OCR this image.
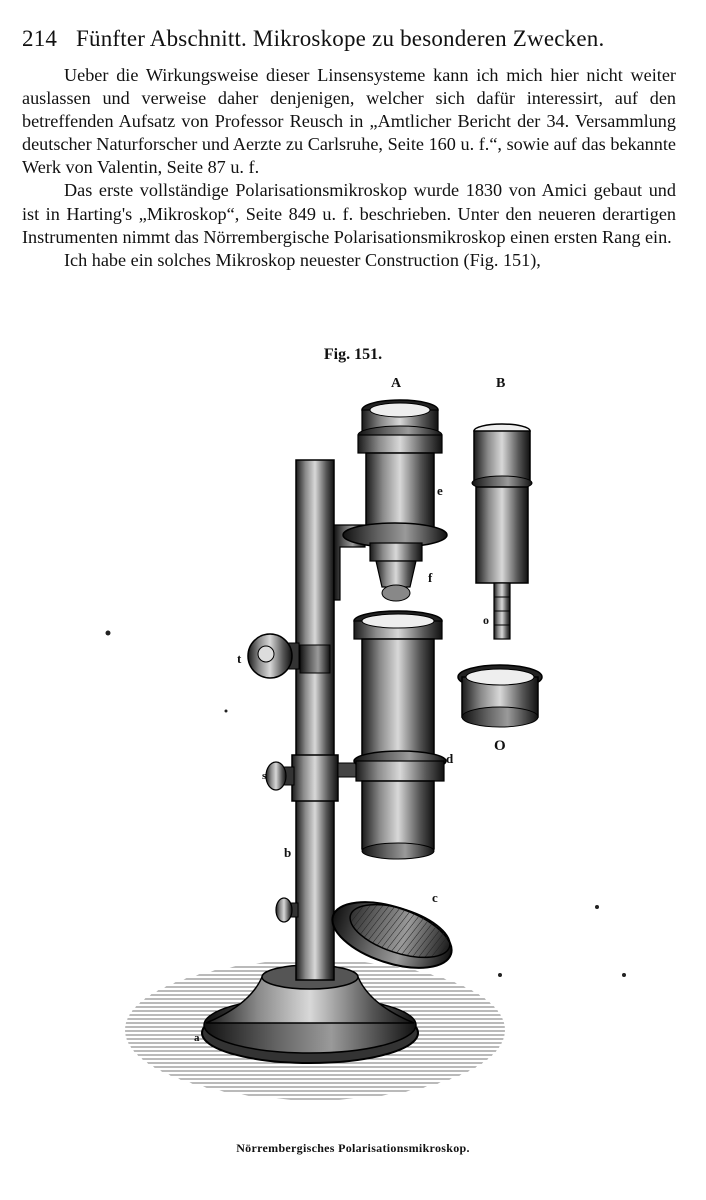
214 Fünfter Abschnitt. Mikroskope zu besonderen Zwecken.

Ueber die Wirkungsweise dieser Linsensysteme kann ich mich hier nicht weiter auslassen und verweise daher denjenigen, welcher sich dafür interessirt, auf den betreffenden Aufsatz von Professor Reusch in „Amtlicher Bericht der 34. Versammlung deutscher Naturforscher und Aerzte zu Carlsruhe, Seite 160 u. f.“, sowie auf das bekannte Werk von Valentin, Seite 87 u. f.

Das erste vollständige Polarisationsmikroskop wurde 1830 von Amici gebaut und ist in Harting's „Mikroskop“, Seite 849 u. f. beschrieben. Unter den neueren derartigen Instrumenten nimmt das Nörrembergische Polarisationsmikroskop einen ersten Rang ein.

Ich habe ein solches Mikroskop neuester Construction (Fig. 151),

Fig. 151.
A	B
e
f
o
O
t
s
d
b
c
a
Nörrembergisches Polarisationsmikroskop.
